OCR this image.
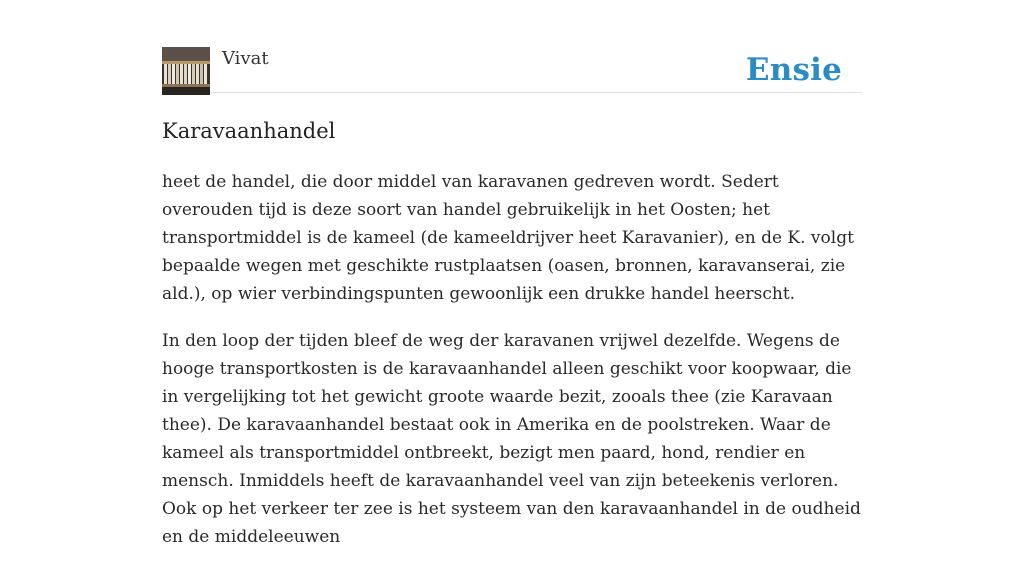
Vivat	Ensie
Karavaanhandel

heet de handel, die door middel van karavanen gedreven wordt. Sedert overouden tijd is deze soort van handel gebruikelijk in het Oosten; het transportmiddel is de kameel (de kameeldrijver heet Karavanier), en de K. volgt bepaalde wegen met geschikte rustplaatsen (oasen, bronnen, karavanserai, zie ald.), op wier verbindingspunten gewoonlijk een drukke handel heerscht.

In den loop der tijden bleef de weg der karavanen vrijwel dezelfde. Wegens de hooge transportkosten is de karavaanhandel alleen geschikt voor koopwaar, die in vergelijking tot het gewicht groote waarde bezit, zooals thee (zie Karavaan thee). De karavaanhandel bestaat ook in Amerika en de poolstreken. Waar de kameel als transportmiddel ontbreekt, bezigt men paard, hond, rendier en mensch. Inmiddels heeft de karavaanhandel veel van zijn beteekenis verloren. Ook op het verkeer ter zee is het systeem van den karavaanhandel in de oudheid en de middeleeuwen
